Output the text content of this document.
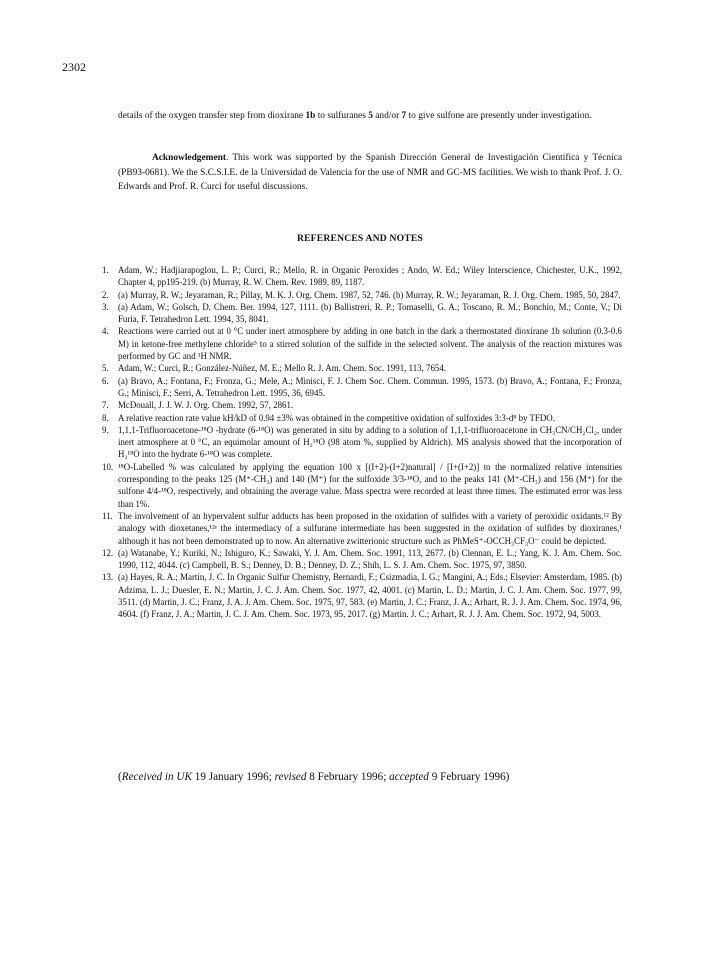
2302

details of the oxygen transfer step from dioxirane 1b to sulfuranes 5 and/or 7 to give sulfone are presently under investigation.

Acknowledgement. This work was supported by the Spanish Dirección General de Investigación Científica y Técnica (PB93-0681). We the S.C.S.I.E. de la Universidad de Valencia for the use of NMR and GC-MS facilities. We wish to thank Prof. J. O. Edwards and Prof. R. Curci for useful discussions.

REFERENCES AND NOTES
1.	Adam, W.; Hadjiarapoglou, L. P.; Curci, R.; Mello, R. in Organic Peroxides ; Ando, W. Ed.; Wiley Interscience, Chichester, U.K., 1992, Chapter 4, pp195-219. (b) Murray, R. W. Chem. Rev. 1989, 89, 1187.
2.	(a) Murray, R. W.; Jeyaraman, R.; Pillay, M. K. J. Org. Chem. 1987, 52, 746. (b) Murray, R. W.; Jeyaraman, R. J. Org. Chem. 1985, 50, 2847.
3.	(a) Adam, W.; Golsch, D. Chem. Ber. 1994, 127, 1111. (b) Ballistreri, R. P.; Tomaselli, G. A.; Toscano, R. M.; Bonchio, M.; Conte, V.; Di Furia, F. Tetrahedron Lett. 1994, 35, 8041.
4.	Reactions were carried out at 0 °C under inert atmosphere by adding in one batch in the dark a thermostated dioxirane 1b solution (0.3-0.6 M) in ketone-free methylene chloride⁵ to a stirred solution of the sulfide in the selected solvent. The analysis of the reaction mixtures was performed by GC and ¹H NMR.
5.	Adam, W.; Curci, R.; González-Núñez, M. E.; Mello R. J. Am. Chem. Soc. 1991, 113, 7654.
6.	(a) Bravo, A.; Fontana, F.; Fronza, G.; Mele, A.; Minisci, F. J. Chem Soc. Chem. Commun. 1995, 1573. (b) Bravo, A.; Fontana, F.; Fronza, G.; Minisci, F.; Serri, A. Tetrahedron Lett. 1995, 36, 6945.
7.	McDouall, J. J. W. J. Org. Chem. 1992, 57, 2861.
8.	A relative reaction rate value kH/kD of 0.94 ±3% was obtained in the competitive oxidation of sulfoxides 3:3-d⁸ by TFDO.
9.	1,1,1-Trifluoroacetone-¹⁸O -hydrate (6-¹⁸O) was generated in situ by adding to a solution of 1,1,1-trifluoroacetone in CH₃CN/CH₂Cl₂, under inert atmosphere at 0 °C, an equimolar amount of H₂¹⁸O (98 atom %, supplied by Aldrich). MS analysis showed that the incorporation of H₂¹⁸O into the hydrate 6-¹⁸O was complete.
10. ¹⁸O-Labelled % was calculated by applying the equation 100 x [(I+2)-(I+2)natural] / [I+(I+2)] to the normalized relative intensities corresponding to the peaks 125 (M⁺-CH₃) and 140 (M⁺) for the sulfoxide 3/3-¹⁸O, and to the peaks 141 (M⁺-CH₃) and 156 (M⁺) for the sulfone 4/4-¹⁸O, respectively, and obtaining the average value. Mass spectra were recorded at least three times. The estimated error was less than 1%.
11. The involvement of an hypervalent sulfur adducts has been proposed in the oxidation of sulfides with a variety of peroxidic oxidants.¹² By analogy with dioxetanes,¹²ᵉ the intermediacy of a sulfurane intermediate has been suggested in the oxidation of sulfides by dioxiranes,¹ although it has not been demonstrated up to now. An alternative zwitterionic structure such as PhMeS⁺-OCCH₃CF₃O⁻ could be depicted.
12. (a) Watanabe, Y.; Kuriki, N.; Ishiguro, K.; Sawaki, Y. J. Am. Chem. Soc. 1991, 113, 2677. (b) Clennan, E. L.; Yang, K. J. Am. Chem. Soc. 1990, 112, 4044. (c) Campbell, B. S.; Denney, D. B.; Denney, D. Z.; Shih, L. S. J. Am. Chem. Soc. 1975, 97, 3850.
13. (a) Hayes, R. A.; Martin, J. C. In Organic Sulfur Chemistry, Bernardi, F.; Csizmadia, I. G.; Mangini, A.; Eds.; Elsevier: Amsterdam, 1985. (b) Adzima, L. J.; Duesler, E. N.; Martin, J. C. J. Am. Chem. Soc. 1977, 42, 4001. (c) Martin, L. D.; Martin, J. C. J. Am. Chem. Soc. 1977, 99, 3511. (d) Martin, J. C.; Franz, J. A. J. Am. Chem. Soc. 1975, 97, 583. (e) Martin, J. C.; Franz, J. A.; Arhart, R. J. J. Am. Chem. Soc. 1974, 96, 4604. (f) Franz, J. A.; Martin, J. C. J. Am. Chem. Soc. 1973, 95, 2017. (g) Martin. J. C.; Arhart, R. J. J. Am. Chem. Soc. 1972, 94, 5003.
(Received in UK 19 January 1996; revised 8 February 1996; accepted 9 February 1996)
